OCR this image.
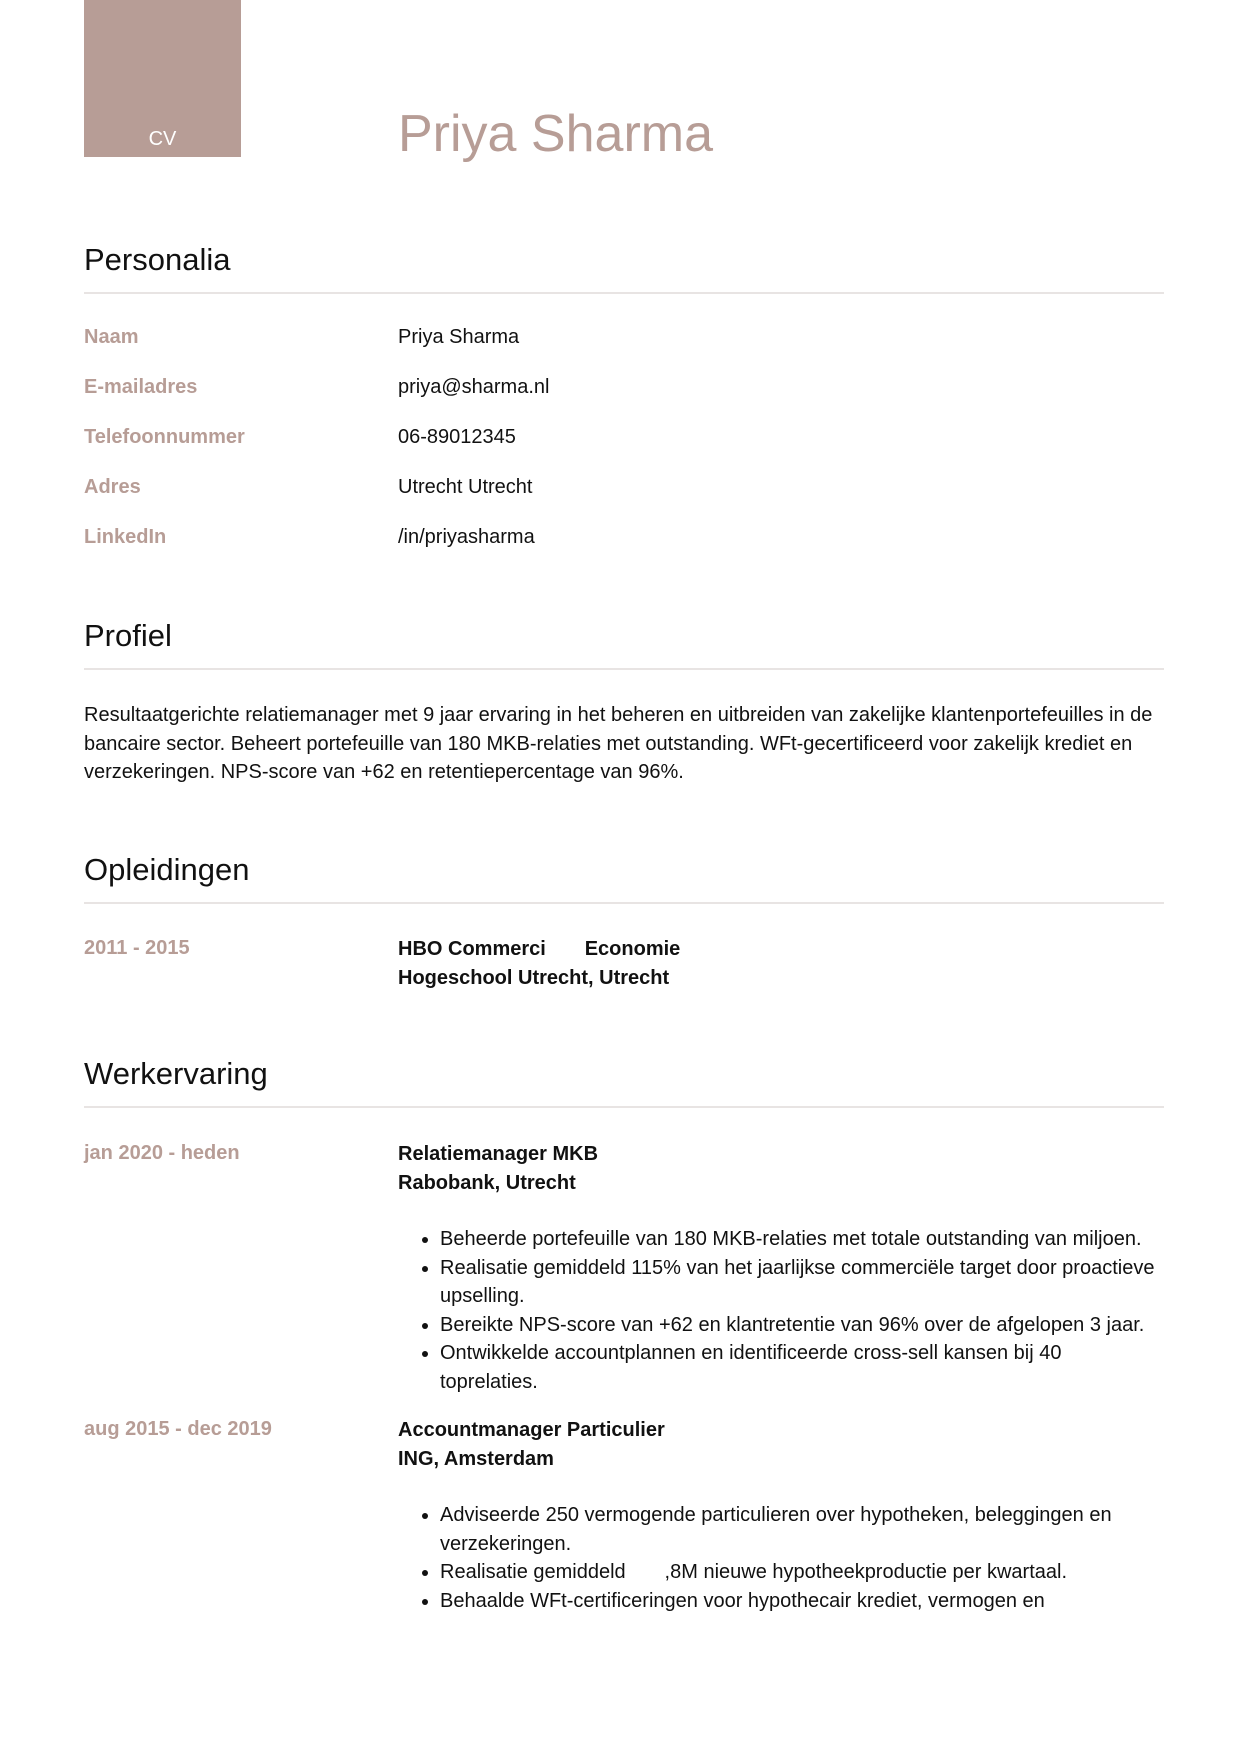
CV	Priya Sharma
Personalia
Naam	Priya Sharma
E-mailadres	priya@sharma.nl
Telefoonnummer	06-89012345
Adres	Utrecht Utrecht
LinkedIn	/in/priyasharma
Profiel

Resultaatgerichte relatiemanager met 9 jaar ervaring in het beheren en uitbreiden van zakelijke klantenportefeuilles in de bancaire sector. Beheert portefeuille van 180 MKB-relaties met outstanding. WFt-gecertificeerd voor zakelijk krediet en verzekeringen. NPS-score van +62 en retentiepercentage van 96%.

Opleidingen
2011 - 2015	HBO Commerci       Economie
Hogeschool Utrecht, Utrecht
Werkervaring
jan 2020 - heden	Relatiemanager MKB
Rabobank, Utrecht
• Beheerde portefeuille van 180 MKB-relaties met totale outstanding van miljoen.
• Realisatie gemiddeld 115% van het jaarlijkse commerciële target door proactieve upselling.
• Bereikte NPS-score van +62 en klantretentie van 96% over de afgelopen 3 jaar.
• Ontwikkelde accountplannen en identificeerde cross-sell kansen bij 40 toprelaties.
aug 2015 - dec 2019	Accountmanager Particulier
ING, Amsterdam
• Adviseerde 250 vermogende particulieren over hypotheken, beleggingen en verzekeringen.
• Realisatie gemiddeld       ,8M nieuwe hypotheekproductie per kwartaal.
• Behaalde WFt-certificeringen voor hypothecair krediet, vermogen en
